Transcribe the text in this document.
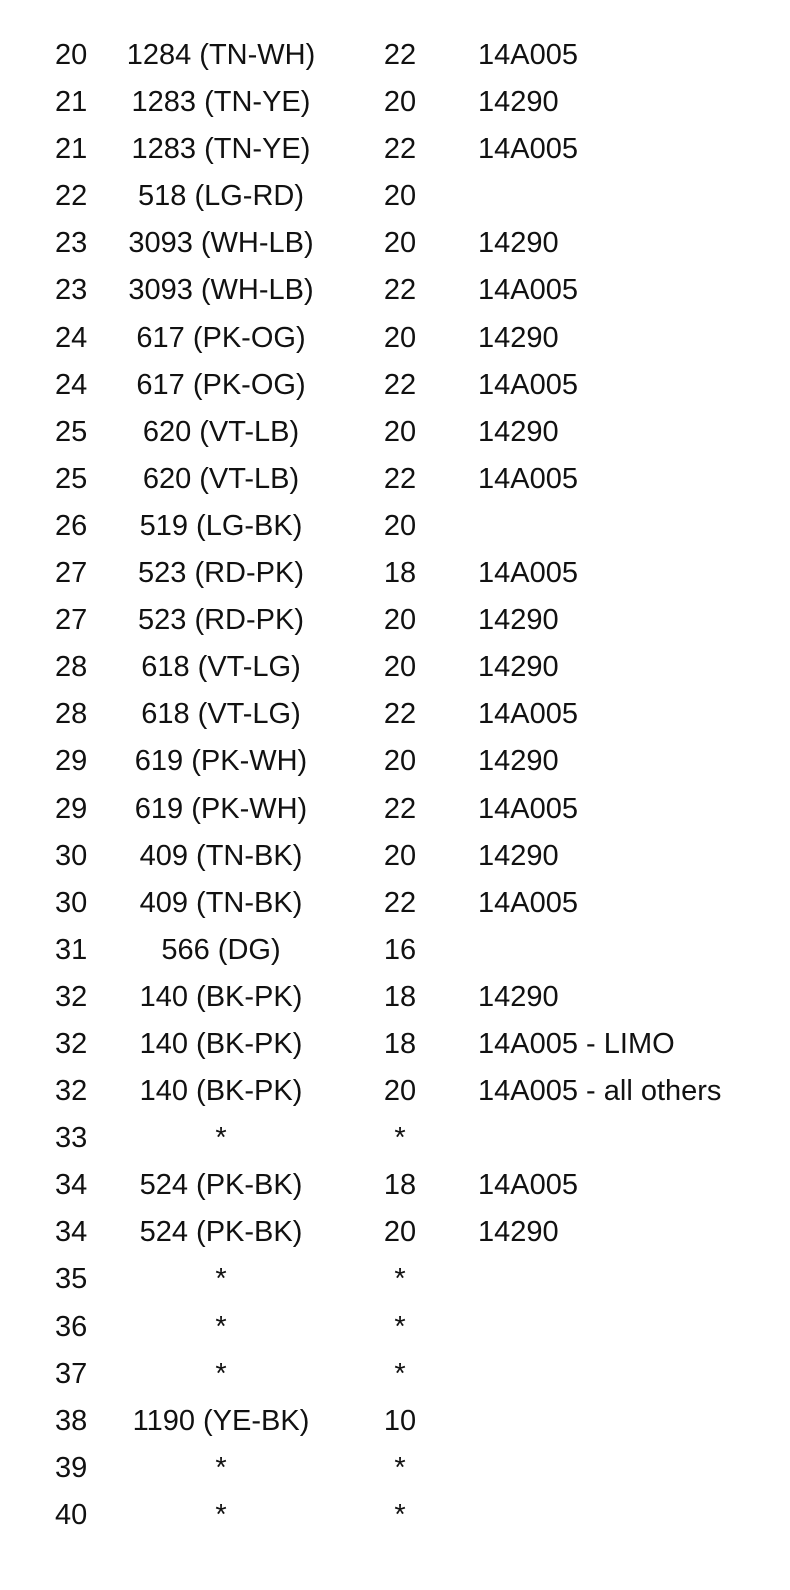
20	1284 (TN-WH)	22	14A005
21	1283 (TN-YE)	20	14290
21	1283 (TN-YE)	22	14A005
22	518 (LG-RD)	20
23	3093 (WH-LB)	20	14290
23	3093 (WH-LB)	22	14A005
24	617 (PK-OG)	20	14290
24	617 (PK-OG)	22	14A005
25	620 (VT-LB)	20	14290
25	620 (VT-LB)	22	14A005
26	519 (LG-BK)	20
27	523 (RD-PK)	18	14A005
27	523 (RD-PK)	20	14290
28	618 (VT-LG)	20	14290
28	618 (VT-LG)	22	14A005
29	619 (PK-WH)	20	14290
29	619 (PK-WH)	22	14A005
30	409 (TN-BK)	20	14290
30	409 (TN-BK)	22	14A005
31	566 (DG)	16
32	140 (BK-PK)	18	14290
32	140 (BK-PK)	18	14A005 - LIMO
32	140 (BK-PK)	20	14A005 - all others
33	*	*
34	524 (PK-BK)	18	14A005
34	524 (PK-BK)	20	14290
35	*	*
36	*	*
37	*	*
38	1190 (YE-BK)	10
39	*	*
40	*	*
